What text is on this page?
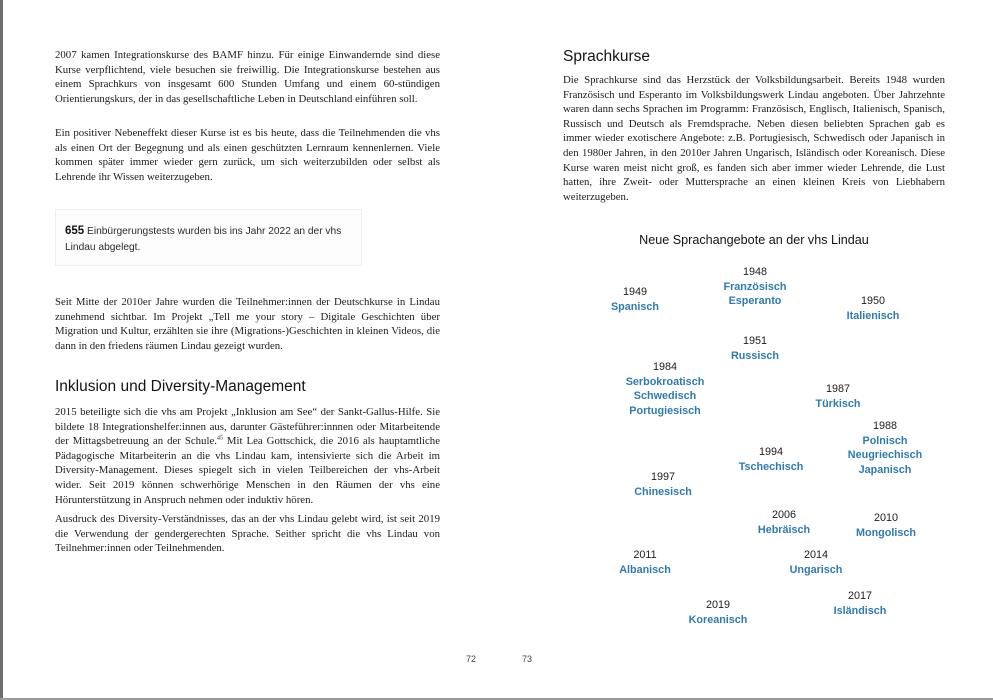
2007 kamen Integrationskurse des BAMF hinzu. Für einige Einwandernde sind diese Kurse verpflichtend, viele besuchen sie freiwillig. Die Integrationskurse bestehen aus einem Sprachkurs von insgesamt 600 Stunden Umfang und einem 60-stündigen Orientierungskurs, der in das gesellschaftliche Leben in Deutschland einführen soll.

Ein positiver Nebeneffekt dieser Kurse ist es bis heute, dass die Teilnehmenden die vhs als einen Ort der Begegnung und als einen geschützten Lernraum kennenlernen. Viele kommen später immer wieder gern zurück, um sich weiterzubilden oder selbst als Lehrende ihr Wissen weiterzugeben.

655 Einbürgerungstests wurden bis ins Jahr 2022 an der vhs Lindau abgelegt.

Seit Mitte der 2010er Jahre wurden die Teilnehmer:innen der Deutschkurse in Lindau zunehmend sichtbar. Im Projekt „Tell me your story – Digitale Geschichten über Migration und Kultur, erzählten sie ihre (Migrations-)Geschichten in kleinen Videos, die dann in den friedens räumen Lindau gezeigt wurden.

Inklusion und Diversity-Management

2015 beteiligte sich die vhs am Projekt „Inklusion am See“ der Sankt-Gallus-Hilfe. Sie bildete 18 Integrationshelfer:innen aus, darunter Gästeführer:innnen oder Mitarbeitende der Mittagsbetreuung an der Schule.$^{45}$ Mit Lea Gottschick, die 2016 als hauptamtliche Pädagogische Mitarbeiterin an die vhs Lindau kam, intensivierte sich die Arbeit im Diversity-Management. Dieses spiegelt sich in vielen Teilbereichen der vhs-Arbeit wider. Seit 2019 können schwerhörige Menschen in den Räumen der vhs eine Hörunterstützung in Anspruch nehmen oder induktiv hören.

Ausdruck des Diversity-Verständnisses, das an der vhs Lindau gelebt wird, ist seit 2019 die Verwendung der gendergerechten Sprache. Seither spricht die vhs Lindau von Teilnehmer:innen oder Teilnehmenden.

Sprachkurse

Die Sprachkurse sind das Herzstück der Volksbildungsarbeit. Bereits 1948 wurden Französisch und Esperanto im Volksbildungswerk Lindau angeboten. Über Jahrzehnte waren dann sechs Sprachen im Programm: Französisch, Englisch, Italienisch, Spanisch, Russisch und Deutsch als Fremdsprache. Neben diesen beliebten Sprachen gab es immer wieder exotischere Angebote: z.B. Portugiesisch, Schwedisch oder Japanisch in den 1980er Jahren, in den 2010er Jahren Ungarisch, Isländisch oder Koreanisch. Diese Kurse waren meist nicht groß, es fanden sich aber immer wieder Lehrende, die Lust hatten, ihre Zweit- oder Muttersprache an einen kleinen Kreis von Liebhabern weiterzugeben.

Neue Sprachangebote an der vhs Lindau
1948
Französisch
Esperanto
1949
Spanisch	1950
Italienisch
1951
Russisch
1984
Serbokroatisch
Schwedisch
Portugiesisch
1987
Türkisch
1988
Polnisch
Neugriechisch
Japanisch
1994
Tschechisch
1997
Chinesisch
2006
Hebräisch
2010
Mongolisch
2011
Albanisch
2014
Ungarisch
2017
Isländisch
2019
Koreanisch
72	73
